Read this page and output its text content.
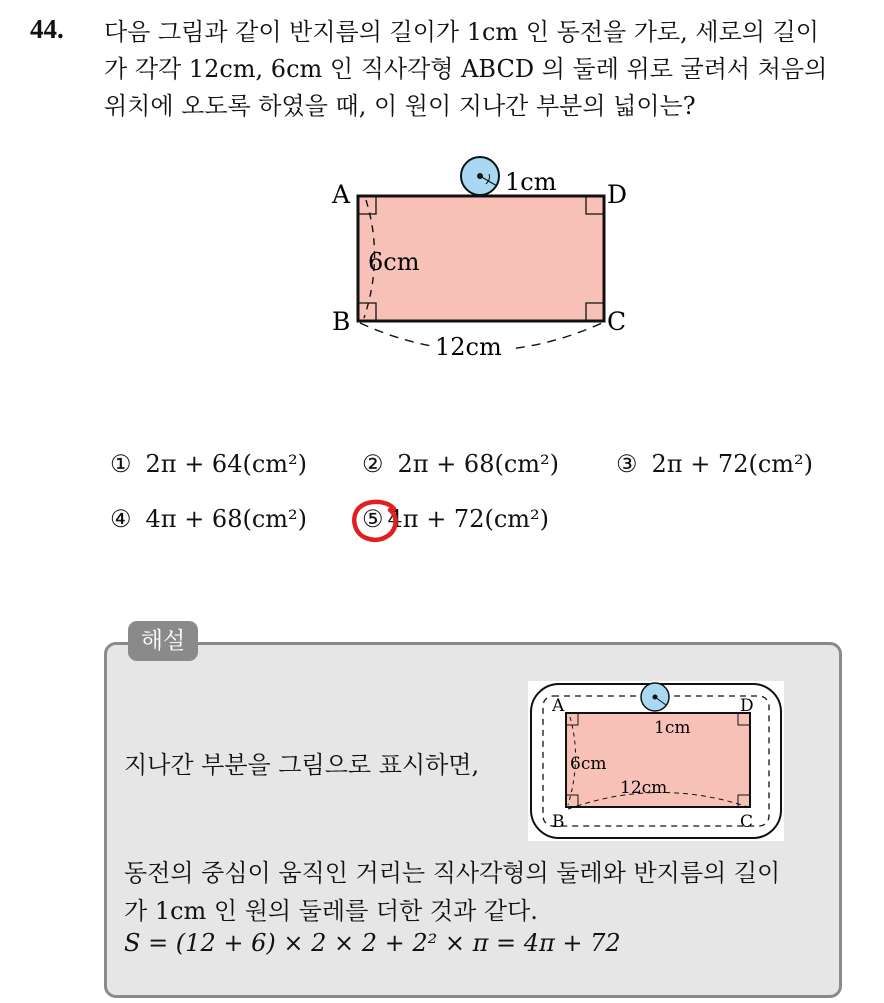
44. 다음 그림과 같이 반지름의 길이가 1cm 인 동전을 가로, 세로의 길이
가 각각 12cm, 6cm 인 직사각형 ABCD 의 둘레 위로 굴려서 처음의
위치에 오도록 하였을 때, 이 원이 지나간 부분의 넓이는?
1cm
A	D
B	C
6cm
12cm
① 2π + 64(cm²) ② 2π + 68(cm²) ③ 2π + 72(cm²)
④ 4π + 68(cm²) ⑤ 4π + 72(cm²)
해설
지나간 부분을 그림으로 표시하면,
A	D
B	C
1cm
6cm
12cm
동전의 중심이 움직인 거리는 직사각형의 둘레와 반지름의 길이
가 1cm 인 원의 둘레를 더한 것과 같다.
S = (12 + 6) × 2 × 2 + 2² × π = 4π + 72
